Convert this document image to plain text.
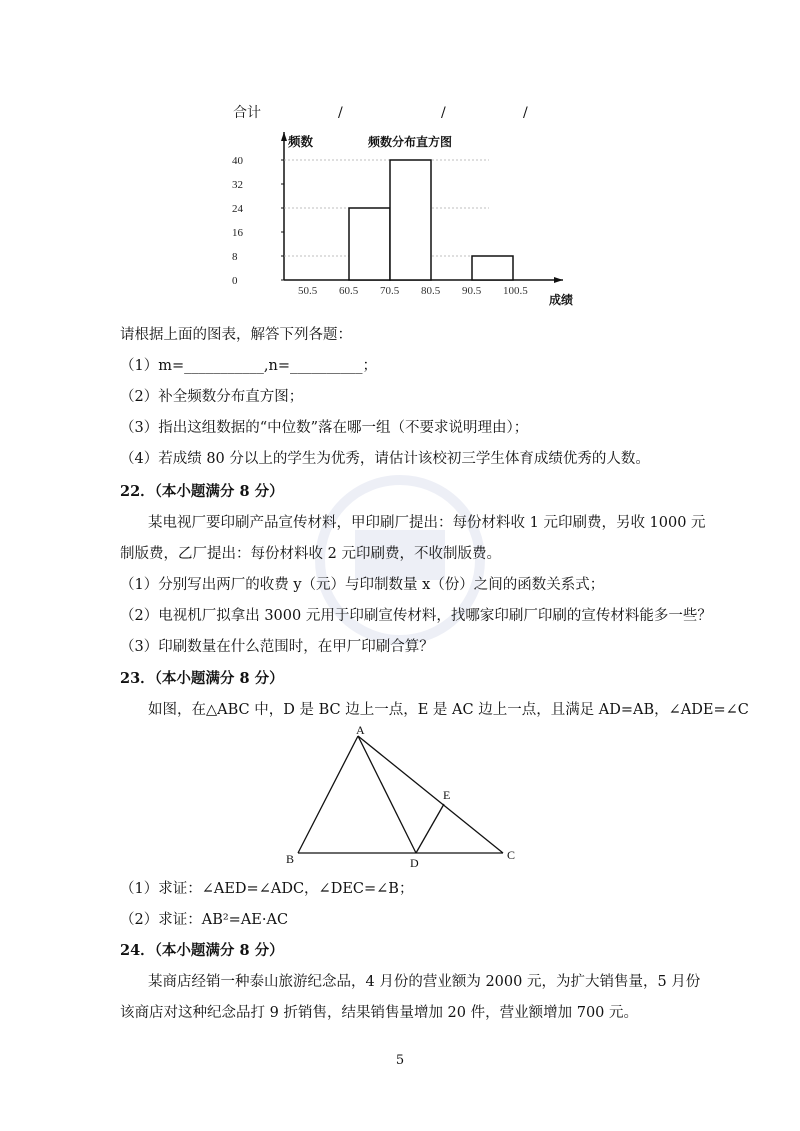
合计	/	/	/
0
8
16
24
32
40
50.5 60.5 70.5 80.5 90.5 100.5
频数	频数分布直方图
成绩
请根据上面的图表，解答下列各题：
（1）m=___________,n=__________；
（2）补全频数分布直方图；
（3）指出这组数据的“中位数”落在哪一组（不要求说明理由）；
（4）若成绩 80 分以上的学生为优秀，请估计该校初三学生体育成绩优秀的人数。
22．（本小题满分 8 分）
某电视厂要印刷产品宣传材料，甲印刷厂提出：每份材料收 1 元印刷费，另收 1000 元
制版费，乙厂提出：每份材料收 2 元印刷费，不收制版费。
（1）分别写出两厂的收费 y（元）与印制数量 x（份）之间的函数关系式；
（2）电视机厂拟拿出 3000 元用于印刷宣传材料，找哪家印刷厂印刷的宣传材料能多一些？
（3）印刷数量在什么范围时，在甲厂印刷合算？
23．（本小题满分 8 分）
如图，在△ABC 中，D 是 BC 边上一点，E 是 AC 边上一点，且满足 AD=AB，∠ADE=∠C
A
B	C
D
E
（1）求证：∠AED=∠ADC，∠DEC=∠B；
（2）求证：AB²=AE·AC
24．（本小题满分 8 分）
某商店经销一种泰山旅游纪念品，4 月份的营业额为 2000 元，为扩大销售量，5 月份
该商店对这种纪念品打 9 折销售，结果销售量增加 20 件，营业额增加 700 元。
5
